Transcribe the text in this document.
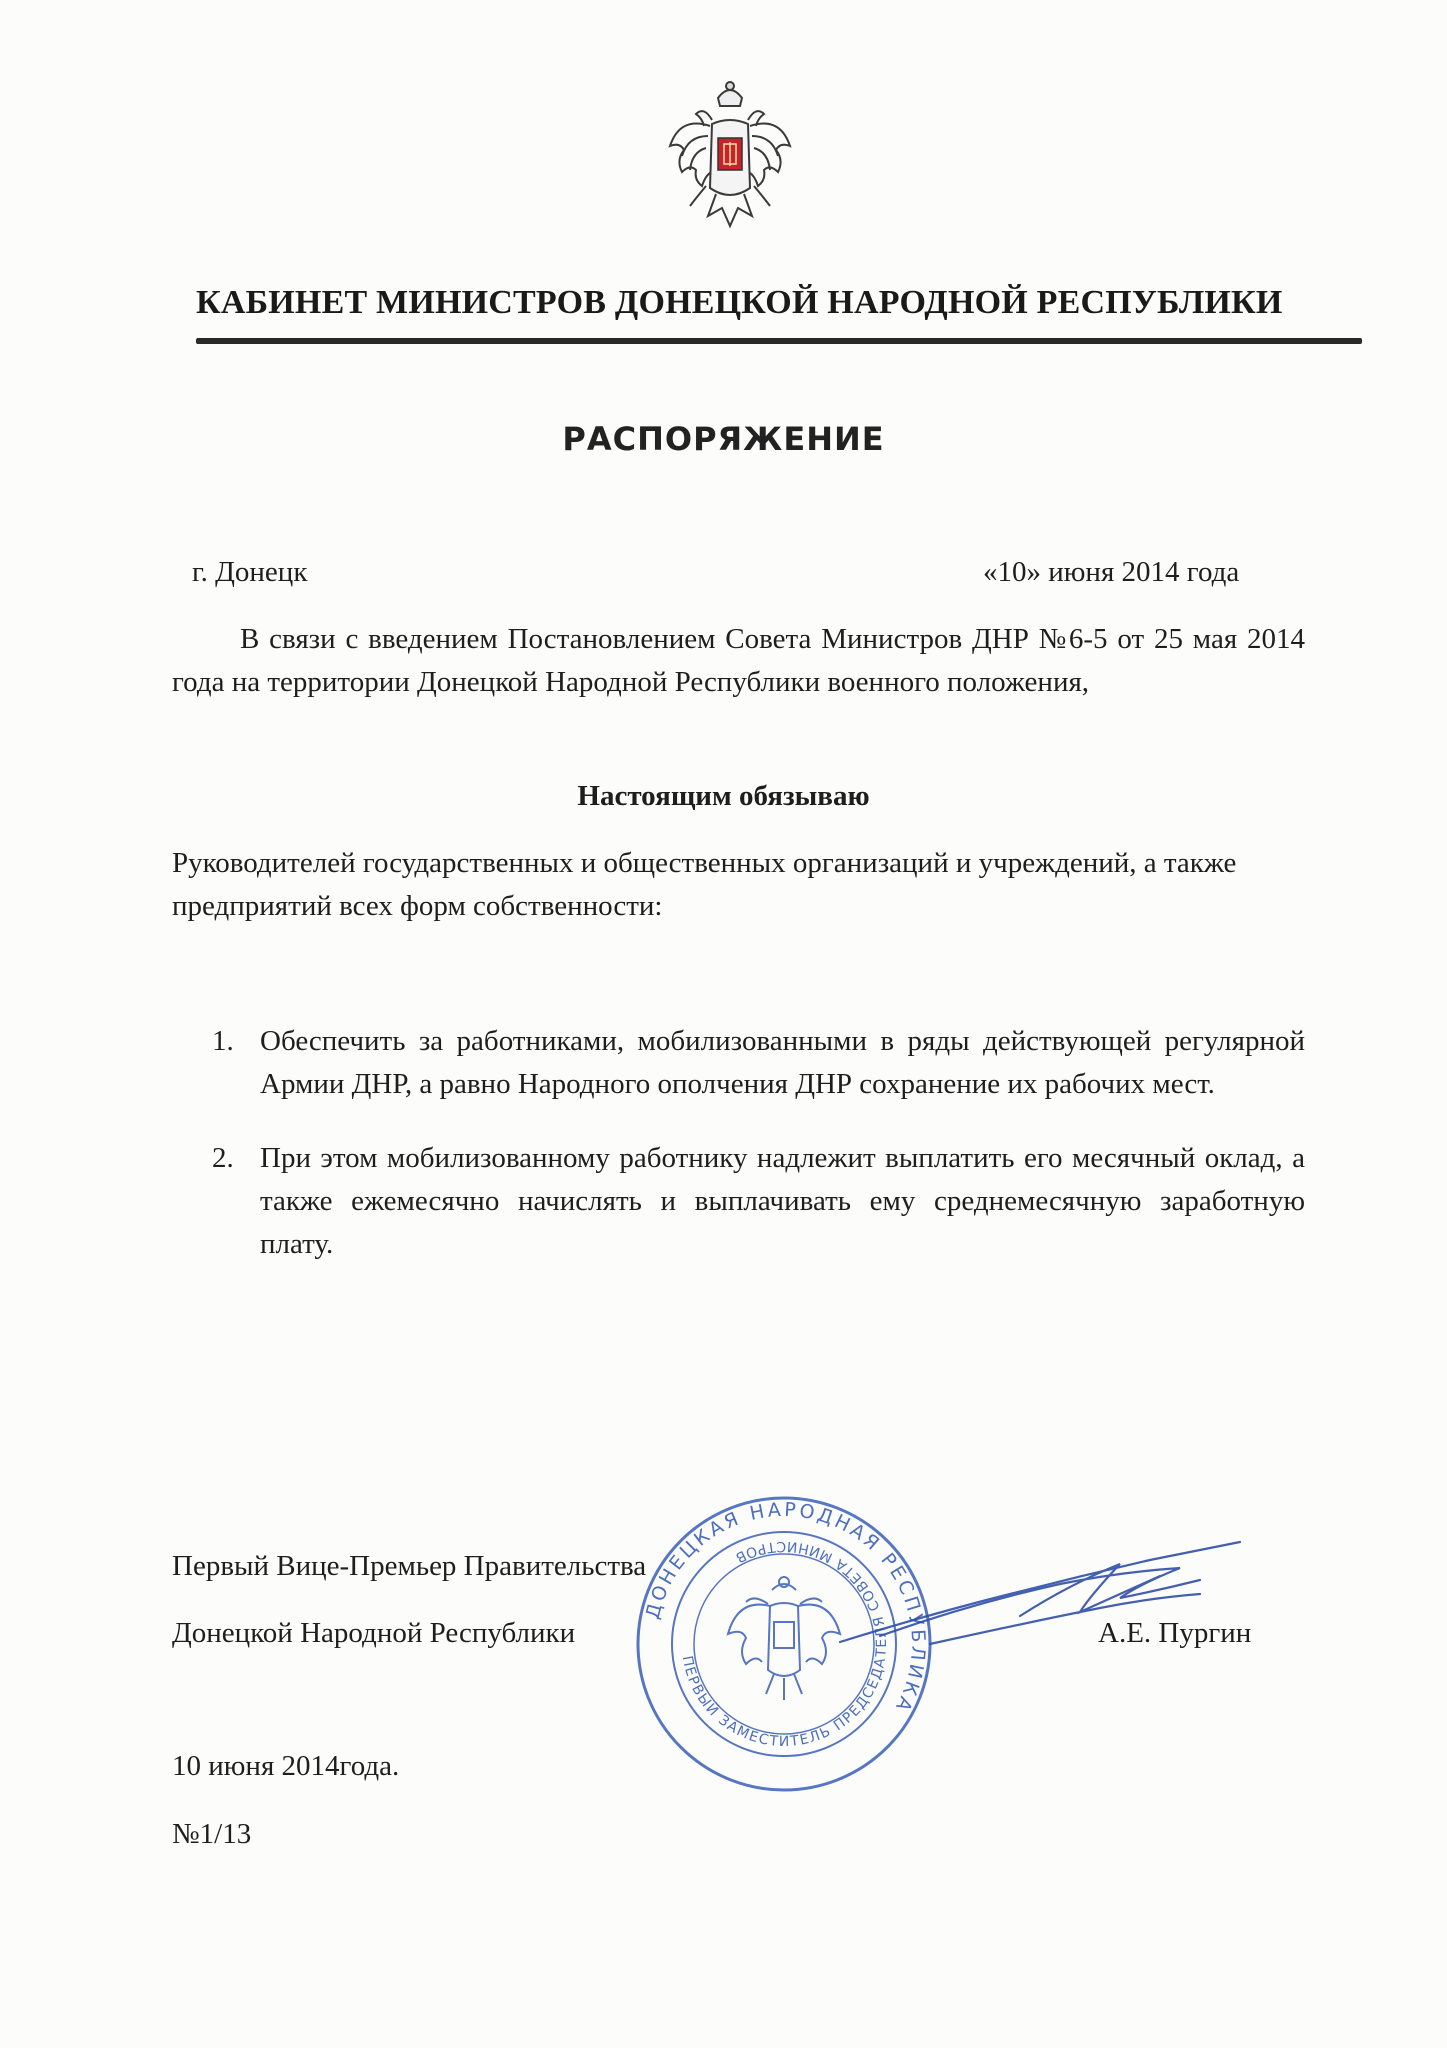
КАБИНЕТ МИНИСТРОВ ДОНЕЦКОЙ НАРОДНОЙ РЕСПУБЛИКИ
РАСПОРЯЖЕНИЕ
г. Донецк	«10» июня 2014 года
В связи с введением Постановлением Совета Министров ДНР №6-5 от 25 мая 2014 года на территории Донецкой Народной Республики военного положения,
Настоящим обязываю
Руководителей государственных и общественных организаций и учреждений, а также предприятий всех форм собственности:
1. Обеспечить за работниками, мобилизованными в ряды действующей регулярной Армии ДНР, а равно Народного ополчения ДНР сохранение их рабочих мест.
2. При этом мобилизованному работнику надлежит выплатить его месячный оклад, а также ежемесячно начислять и выплачивать ему среднемесячную заработную плату.
ДОНЕЦКАЯ НАРОДНАЯ РЕСПУБЛИКА
ПЕРВЫЙ ЗАМЕСТИТЕЛЬ ПРЕДСЕДАТЕЛЯ СОВЕТА МИНИСТРОВ
Первый Вице-Премьер Правительства
Донецкой Народной Республики	А.Е. Пургин
10 июня 2014года.
№1/13
